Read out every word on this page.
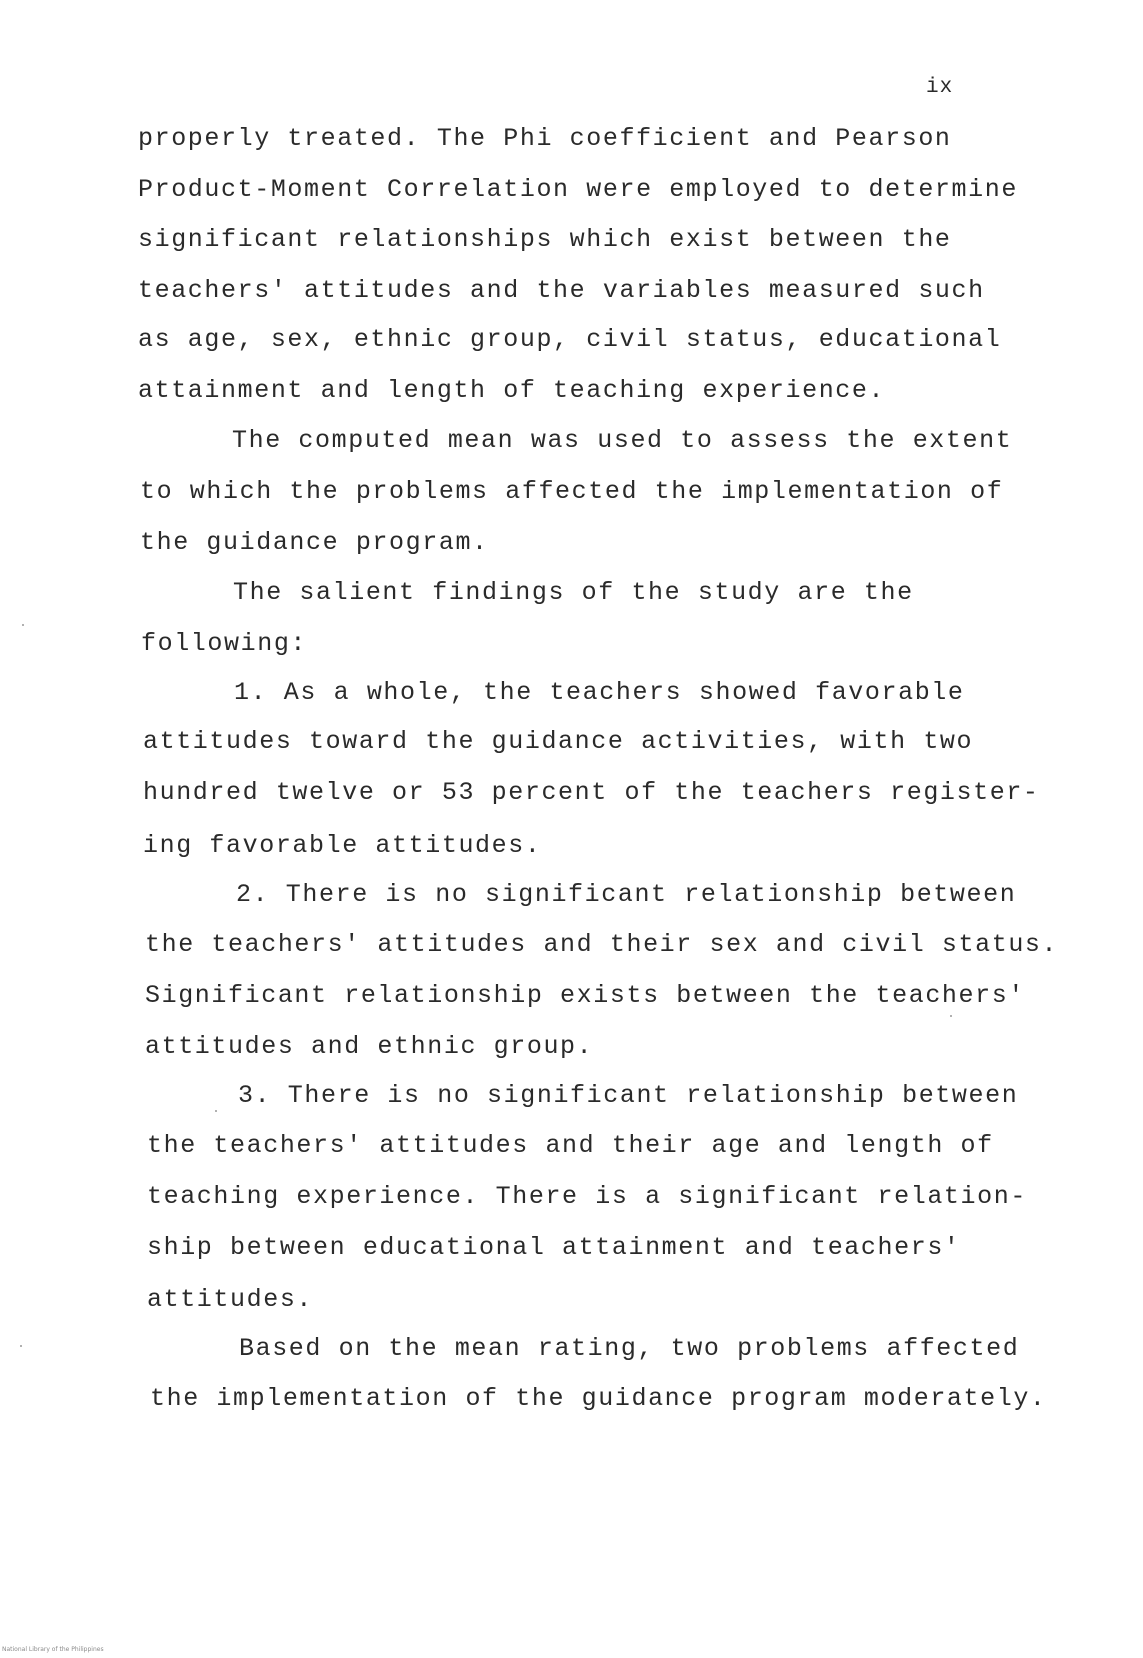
ix
properly treated. The Phi coefficient and Pearson
Product-Moment Correlation were employed to determine
significant relationships which exist between the
teachers' attitudes and the variables measured such
as age, sex, ethnic group, civil status, educational
attainment and length of teaching experience.
The computed mean was used to assess the extent
to which the problems affected the implementation of
the guidance program.
The salient findings of the study are the
following:
1. As a whole, the teachers showed favorable
attitudes toward the guidance activities, with two
hundred twelve or 53 percent of the teachers register-
ing favorable attitudes.
2. There is no significant relationship between
the teachers' attitudes and their sex and civil status.
Significant relationship exists between the teachers'
attitudes and ethnic group.
3. There is no significant relationship between
the teachers' attitudes and their age and length of
teaching experience. There is a significant relation-
ship between educational attainment and teachers'
attitudes.
Based on the mean rating, two problems affected
the implementation of the guidance program moderately.
National Library of the Philippines
